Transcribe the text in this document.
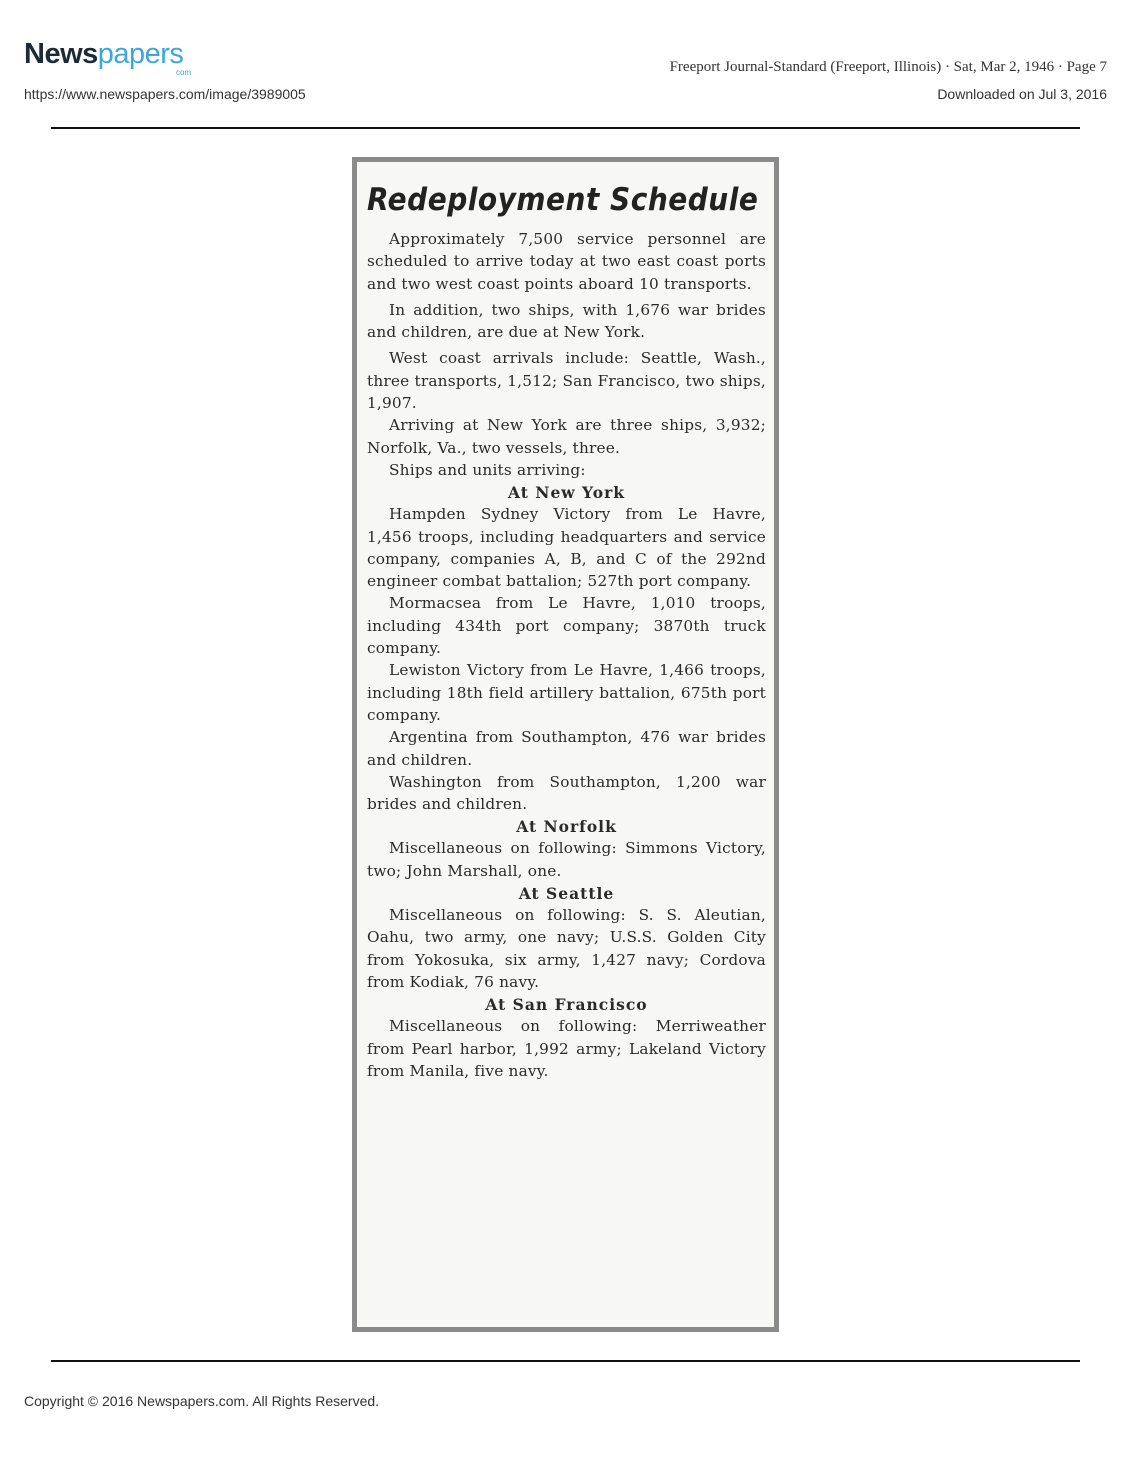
Newspapers
com
https://www.newspapers.com/image/3989005
Freeport Journal-Standard (Freeport, Illinois) · Sat, Mar 2, 1946 · Page 7
Downloaded on Jul 3, 2016
Redeployment Schedule

Approximately 7,500 service personnel are scheduled to arrive today at two east coast ports and two west coast points aboard 10 transports.

In addition, two ships, with 1,676 war brides and children, are due at New York.

West coast arrivals include: Seattle, Wash., three transports, 1,512; San Francisco, two ships, 1,907.

Arriving at New York are three ships, 3,932; Norfolk, Va., two vessels, three.

Ships and units arriving:

At New York

Hampden Sydney Victory from Le Havre, 1,456 troops, including headquarters and service company, companies A, B, and C of the 292nd engineer combat battalion; 527th port company.

Mormacsea from Le Havre, 1,010 troops, including 434th port company; 3870th truck company.

Lewiston Victory from Le Havre, 1,466 troops, including 18th field artillery battalion, 675th port company.

Argentina from Southampton, 476 war brides and children.

Washington from Southampton, 1,200 war brides and children.

At Norfolk

Miscellaneous on following: Simmons Victory, two; John Marshall, one.

At Seattle

Miscellaneous on following: S. S. Aleutian, Oahu, two army, one navy; U.S.S. Golden City from Yokosuka, six army, 1,427 navy; Cordova from Kodiak, 76 navy.

At San Francisco

Miscellaneous on following: Merriweather from Pearl harbor, 1,992 army; Lakeland Victory from Manila, five navy.

Copyright © 2016 Newspapers.com. All Rights Reserved.
